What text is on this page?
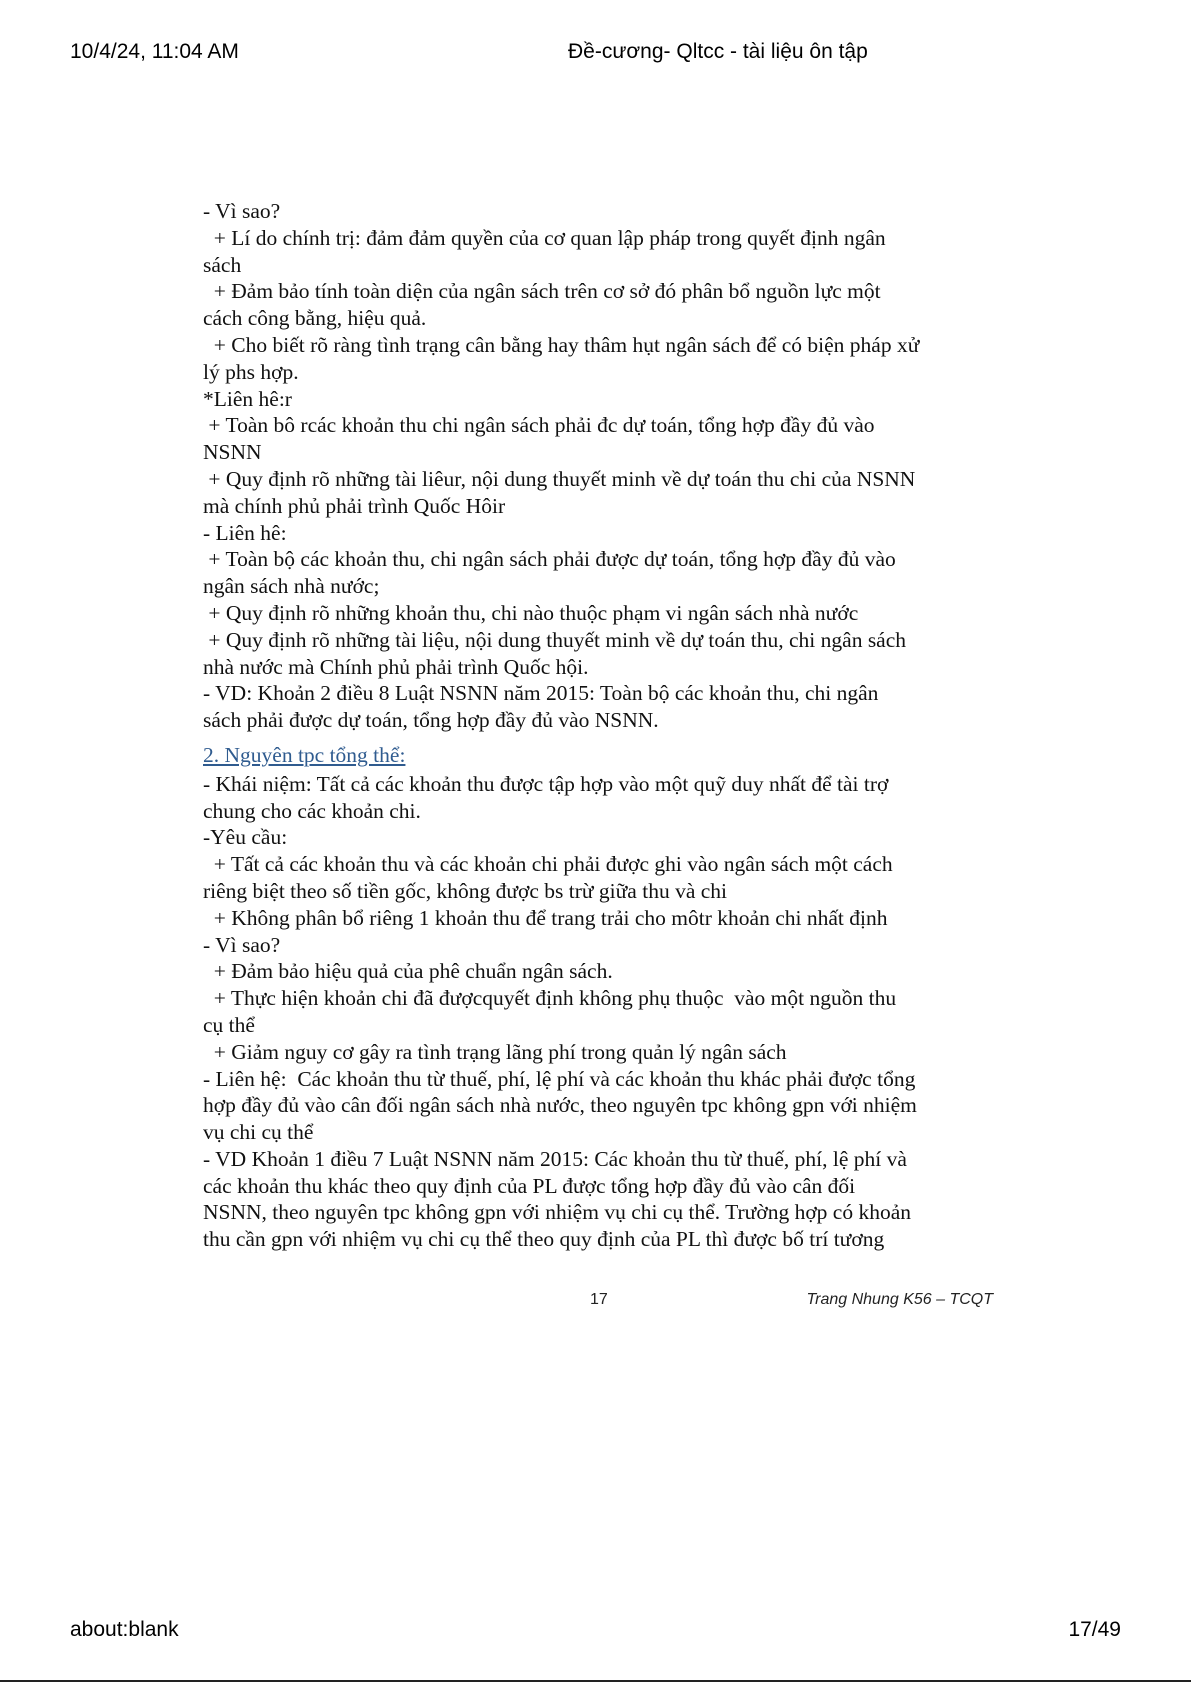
10/4/24, 11:04 AM	Đề-cương- Qltcc - tài liệu ôn tập
- Vì sao?
+ Lí do chính trị: đảm đảm quyền của cơ quan lập pháp trong quyết định ngân
sách
+ Đảm bảo tính toàn diện của ngân sách trên cơ sở đó phân bổ nguồn lực một
cách công bằng, hiệu quả.
+ Cho biết rõ ràng tình trạng cân bằng hay thâm hụt ngân sách để có biện pháp xử
lý phs hợp.
*Liên hê:r
+ Toàn bô rcác khoản thu chi ngân sách phải đc dự toán, tổng hợp đầy đủ vào
NSNN
+ Quy định rõ những tài liêur, nội dung thuyết minh về dự toán thu chi của NSNN
mà chính phủ phải trình Quốc Hôir
- Liên hê:
+ Toàn bộ các khoản thu, chi ngân sách phải được dự toán, tổng hợp đầy đủ vào
ngân sách nhà nước;
+ Quy định rõ những khoản thu, chi nào thuộc phạm vi ngân sách nhà nước
+ Quy định rõ những tài liệu, nội dung thuyết minh về dự toán thu, chi ngân sách
nhà nước mà Chính phủ phải trình Quốc hội.
- VD: Khoản 2 điều 8 Luật NSNN năm 2015: Toàn bộ các khoản thu, chi ngân
sách phải được dự toán, tổng hợp đầy đủ vào NSNN.
2. Nguyên tpc tổng thể:
- Khái niệm: Tất cả các khoản thu được tập hợp vào một quỹ duy nhất để tài trợ
chung cho các khoản chi.
-Yêu cầu:
+ Tất cả các khoản thu và các khoản chi phải được ghi vào ngân sách một cách
riêng biệt theo số tiền gốc, không được bs trừ giữa thu và chi
+ Không phân bổ riêng 1 khoản thu để trang trải cho môtr khoản chi nhất định
- Vì sao?
+ Đảm bảo hiệu quả của phê chuẩn ngân sách.
+ Thực hiện khoản chi đã đượcquyết định không phụ thuộc  vào một nguồn thu
cụ thể
+ Giảm nguy cơ gây ra tình trạng lãng phí trong quản lý ngân sách
- Liên hệ:  Các khoản thu từ thuế, phí, lệ phí và các khoản thu khác phải được tổng
hợp đầy đủ vào cân đối ngân sách nhà nước, theo nguyên tpc không gpn với nhiệm
vụ chi cụ thể
- VD Khoản 1 điều 7 Luật NSNN năm 2015: Các khoản thu từ thuế, phí, lệ phí và
các khoản thu khác theo quy định của PL được tổng hợp đầy đủ vào cân đối
NSNN, theo nguyên tpc không gpn với nhiệm vụ chi cụ thể. Trường hợp có khoản
thu cần gpn với nhiệm vụ chi cụ thể theo quy định của PL thì được bố trí tương
17	Trang Nhung K56 – TCQT
about:blank	17/49
